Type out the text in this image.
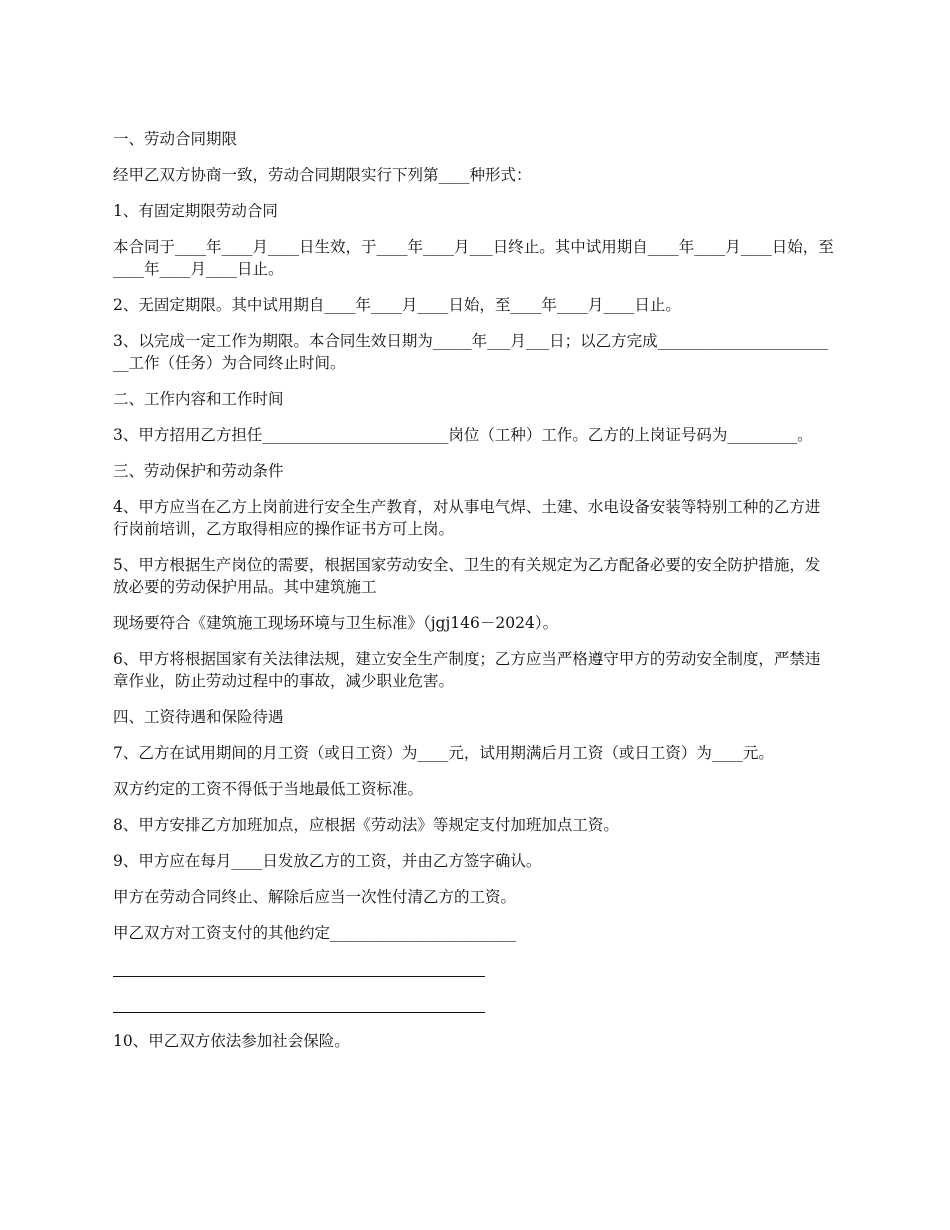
一、劳动合同期限

经甲乙双方协商一致，劳动合同期限实行下列第____种形式：

1、有固定期限劳动合同

本合同于____年____月____日生效，于____年____月___日终止。其中试用期自____年____月____日始，至____年____月____日止。

2、无固定期限。其中试用期自____年____月____日始，至____年____月____日止。

3、以完成一定工作为期限。本合同生效日期为_____年___月___日；以乙方完成________________________工作（任务）为合同终止时间。

二、工作内容和工作时间

3、甲方招用乙方担任________________________岗位（工种）工作。乙方的上岗证号码为_________。

三、劳动保护和劳动条件

4、甲方应当在乙方上岗前进行安全生产教育，对从事电气焊、土建、水电设备安装等特别工种的乙方进行岗前培训，乙方取得相应的操作证书方可上岗。

5、甲方根据生产岗位的需要，根据国家劳动安全、卫生的有关规定为乙方配备必要的安全防护措施，发放必要的劳动保护用品。其中建筑施工

现场要符合《建筑施工现场环境与卫生标准》（jgj146－2024）。

6、甲方将根据国家有关法律法规，建立安全生产制度；乙方应当严格遵守甲方的劳动安全制度，严禁违章作业，防止劳动过程中的事故，减少职业危害。

四、工资待遇和保险待遇

7、乙方在试用期间的月工资（或日工资）为____元，试用期满后月工资（或日工资）为____元。

双方约定的工资不得低于当地最低工资标准。

8、甲方安排乙方加班加点，应根据《劳动法》等规定支付加班加点工资。

9、甲方应在每月____日发放乙方的工资，并由乙方签字确认。

甲方在劳动合同终止、解除后应当一次性付清乙方的工资。

甲乙双方对工资支付的其他约定________________________

10、甲乙双方依法参加社会保险。
